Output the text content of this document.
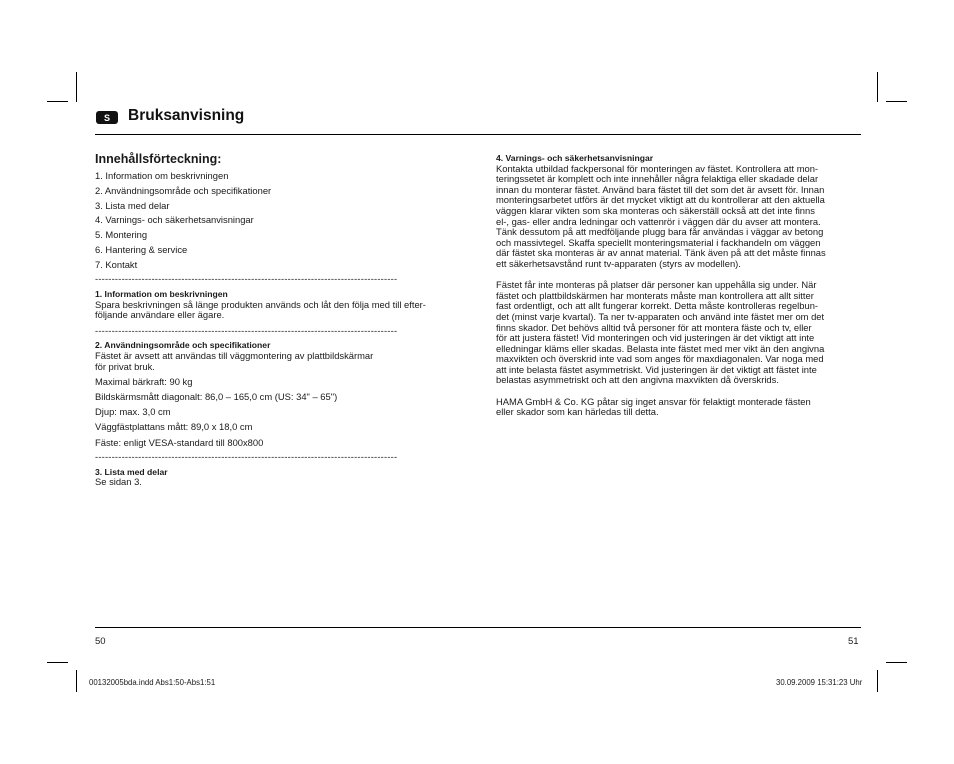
S	Bruksanvisning
Innehållsförteckning:
1. Information om beskrivningen
2. Användningsområde och specifikationer
3. Lista med delar
4. Varnings- och säkerhetsanvisningar
5. Montering
6. Hantering & service
7. Kontakt
-------------------------------------------------------------------------------------------
1. Information om beskrivningen
Spara beskrivningen så länge produkten används och låt den följa med till efter-
följande användare eller ägare.
-------------------------------------------------------------------------------------------
2. Användningsområde och specifikationer
Fästet är avsett att användas till väggmontering av plattbildskärmar
för privat bruk.
Maximal bärkraft: 90 kg
Bildskärmsmått diagonalt: 86,0 – 165,0 cm (US: 34" – 65")
Djup: max. 3,0 cm
Väggfästplattans mått: 89,0 x 18,0 cm
Fäste: enligt VESA-standard till 800x800
-------------------------------------------------------------------------------------------
3. Lista med delar
Se sidan 3.
4. Varnings- och säkerhetsanvisningar
Kontakta utbildad fackpersonal för monteringen av fästet. Kontrollera att mon-
teringssetet är komplett och inte innehåller några felaktiga eller skadade delar
innan du monterar fästet. Använd bara fästet till det som det är avsett för. Innan
monteringsarbetet utförs är det mycket viktigt att du kontrollerar att den aktuella
väggen klarar vikten som ska monteras och säkerställ också att det inte finns
el-, gas- eller andra ledningar och vattenrör i väggen där du avser att montera.
Tänk dessutom på att medföljande plugg bara får användas i väggar av betong
och massivtegel. Skaffa speciellt monteringsmaterial i fackhandeln om väggen
där fästet ska monteras är av annat material. Tänk även på att det måste finnas
ett säkerhetsavstånd runt tv-apparaten (styrs av modellen).
Fästet får inte monteras på platser där personer kan uppehålla sig under. När
fästet och plattbildskärmen har monterats måste man kontrollera att allt sitter
fast ordentligt, och att allt fungerar korrekt. Detta måste kontrolleras regelbun-
det (minst varje kvartal). Ta ner tv-apparaten och använd inte fästet mer om det
finns skador. Det behövs alltid två personer för att montera fäste och tv, eller
för att justera fästet! Vid monteringen och vid justeringen är det viktigt att inte
elledningar kläms eller skadas. Belasta inte fästet med mer vikt än den angivna
maxvikten och överskrid inte vad som anges för maxdiagonalen. Var noga med
att inte belasta fästet asymmetriskt. Vid justeringen är det viktigt att fästet inte
belastas asymmetriskt och att den angivna maxvikten då överskrids.
HAMA GmbH & Co. KG påtar sig inget ansvar för felaktigt monterade fästen
eller skador som kan härledas till detta.
50	51
00132005bda.indd Abs1:50-Abs1:51	30.09.2009 15:31:23 Uhr
